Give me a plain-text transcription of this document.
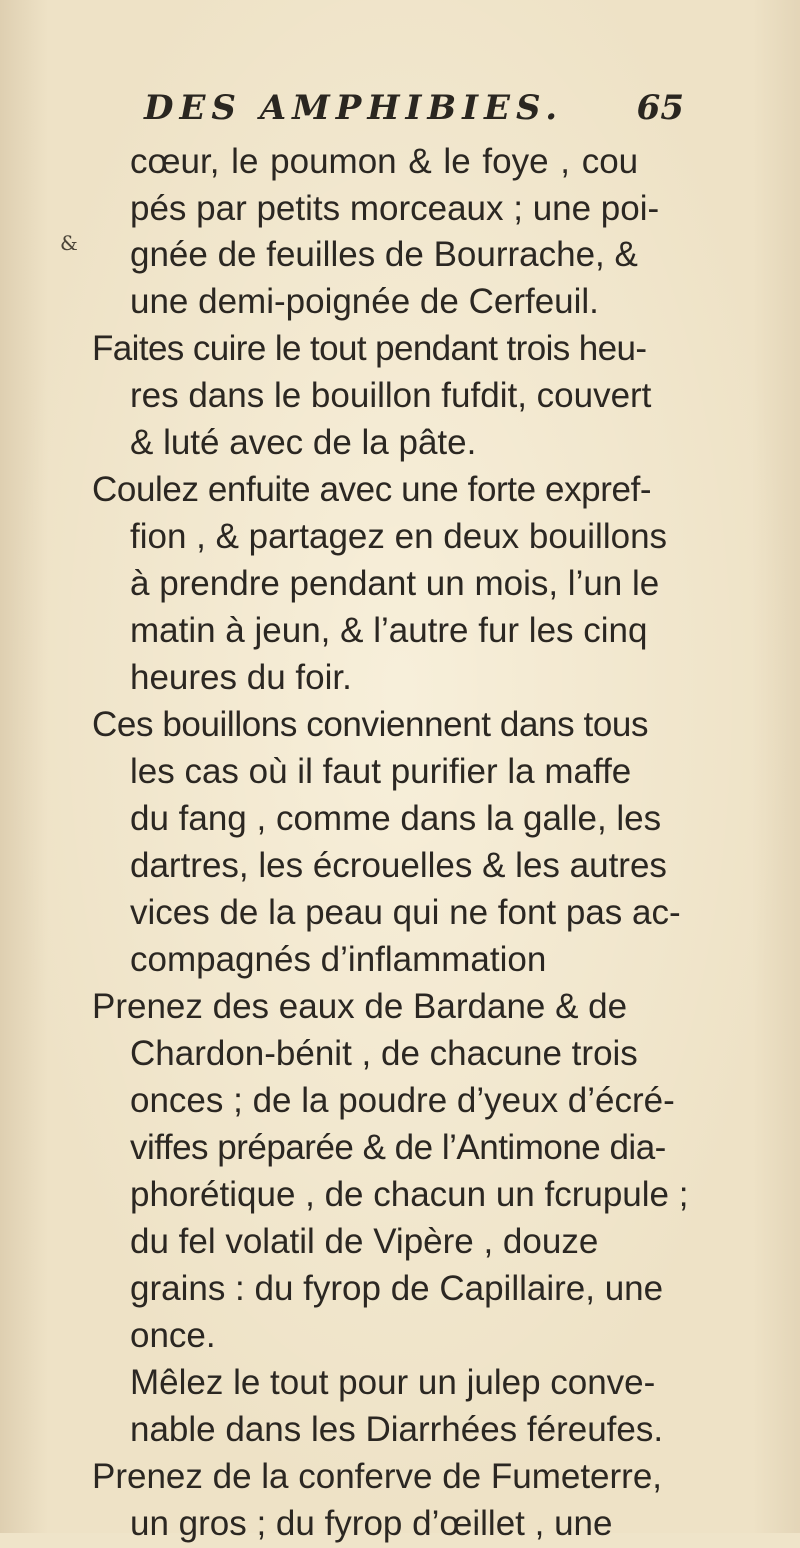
DES AMPHIBIES. 65
&
cœur, le poumon & le foye , cou
pés par petits morceaux ; une poi-
gnée de feuilles de Bourrache, &
une demi-poignée de Cerfeuil.
Faites cuire le tout pendant trois heu-
res dans le bouillon fufdit, couvert
& luté avec de la pâte.
Coulez enfuite avec une forte expref-
fion , & partagez en deux bouillons
à prendre pendant un mois, l’un le
matin à jeun, & l’autre fur les cinq
heures du foir.
Ces bouillons conviennent dans tous
les cas où il faut purifier la maffe
du fang , comme dans la galle, les
dartres, les écrouelles & les autres
vices de la peau qui ne font pas ac-
compagnés d’inflammation
Prenez des eaux de Bardane & de
Chardon-bénit , de chacune trois
onces ; de la poudre d’yeux d’écré-
viffes préparée & de l’Antimone dia-
phorétique , de chacun un fcrupule ;
du fel volatil de Vipère , douze
grains : du fyrop de Capillaire, une
once.
Mêlez le tout pour un julep conve-
nable dans les Diarrhées féreufes.
Prenez de la conferve de Fumeterre,
un gros ; du fyrop d’œillet , une
